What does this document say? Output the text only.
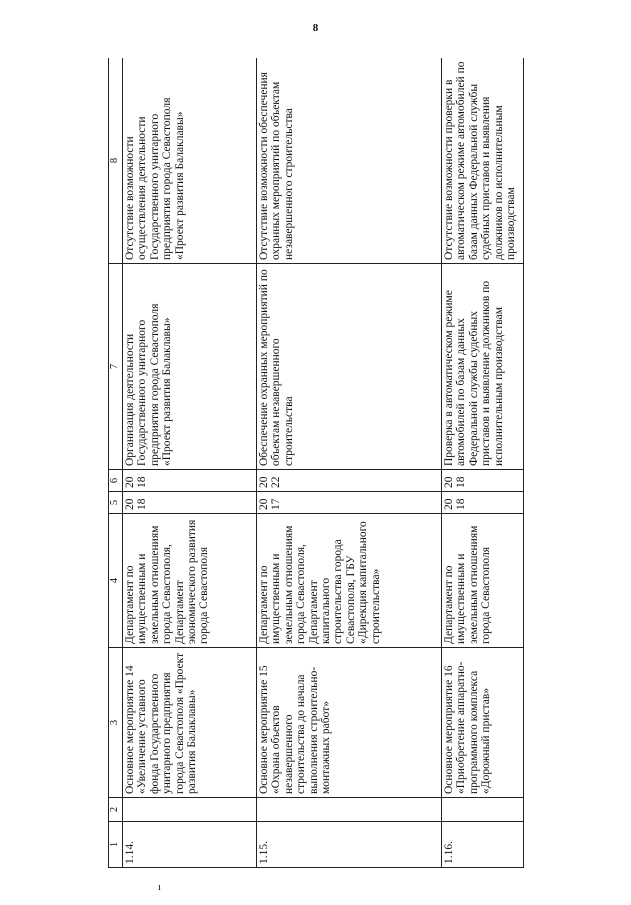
8
1	2	3	4	5	6	7	8
1.14.		Основное мероприятие 14 «Увеличение уставного фонда Государственного унитарного предприятия города Севастополя «Проект развития Балаклавы»	Департамент по имущественным и земельным отношениям города Севастополя, Департамент экономического развития города Севастополя	2018	2018	Организация деятельности Государственного унитарного предприятия города Севастополя «Проект развития Балаклавы»	Отсутствие возможности осуществления деятельности Государственного унитарного предприятия города Севастополя «Проект развития Балаклавы»
1.15.		Основное мероприятие 15 «Охрана объектов незавершенного строительства до начала выполнения строительно-монтажных работ»	Департамент по имущественным и земельным отношениям города Севастополя, Департамент капитального строительства города Севастополя, ГБУ «Дирекция капитального строительства»	2017	2022	Обеспечение охранных мероприятий по объектам незавершенного строительства	Отсутствие возможности обеспечения охранных мероприятий по объектам незавершенного строительства
1.16.		Основное мероприятие 16 «Приобретение аппаратно-программного комплекса «Дорожный пристав»	Департамент по имущественным и земельным отношениям города Севастополя	2018	2018	Проверка в автоматическом режиме автомобилей по базам данных Федеральной службы судебных приставов и выявление должников по исполнительным производствам	Отсутствие возможности проверки в автоматическом режиме автомобилей по базам данных Федеральной службы судебных приставов и выявления должников по исполнительным производствам
ı
